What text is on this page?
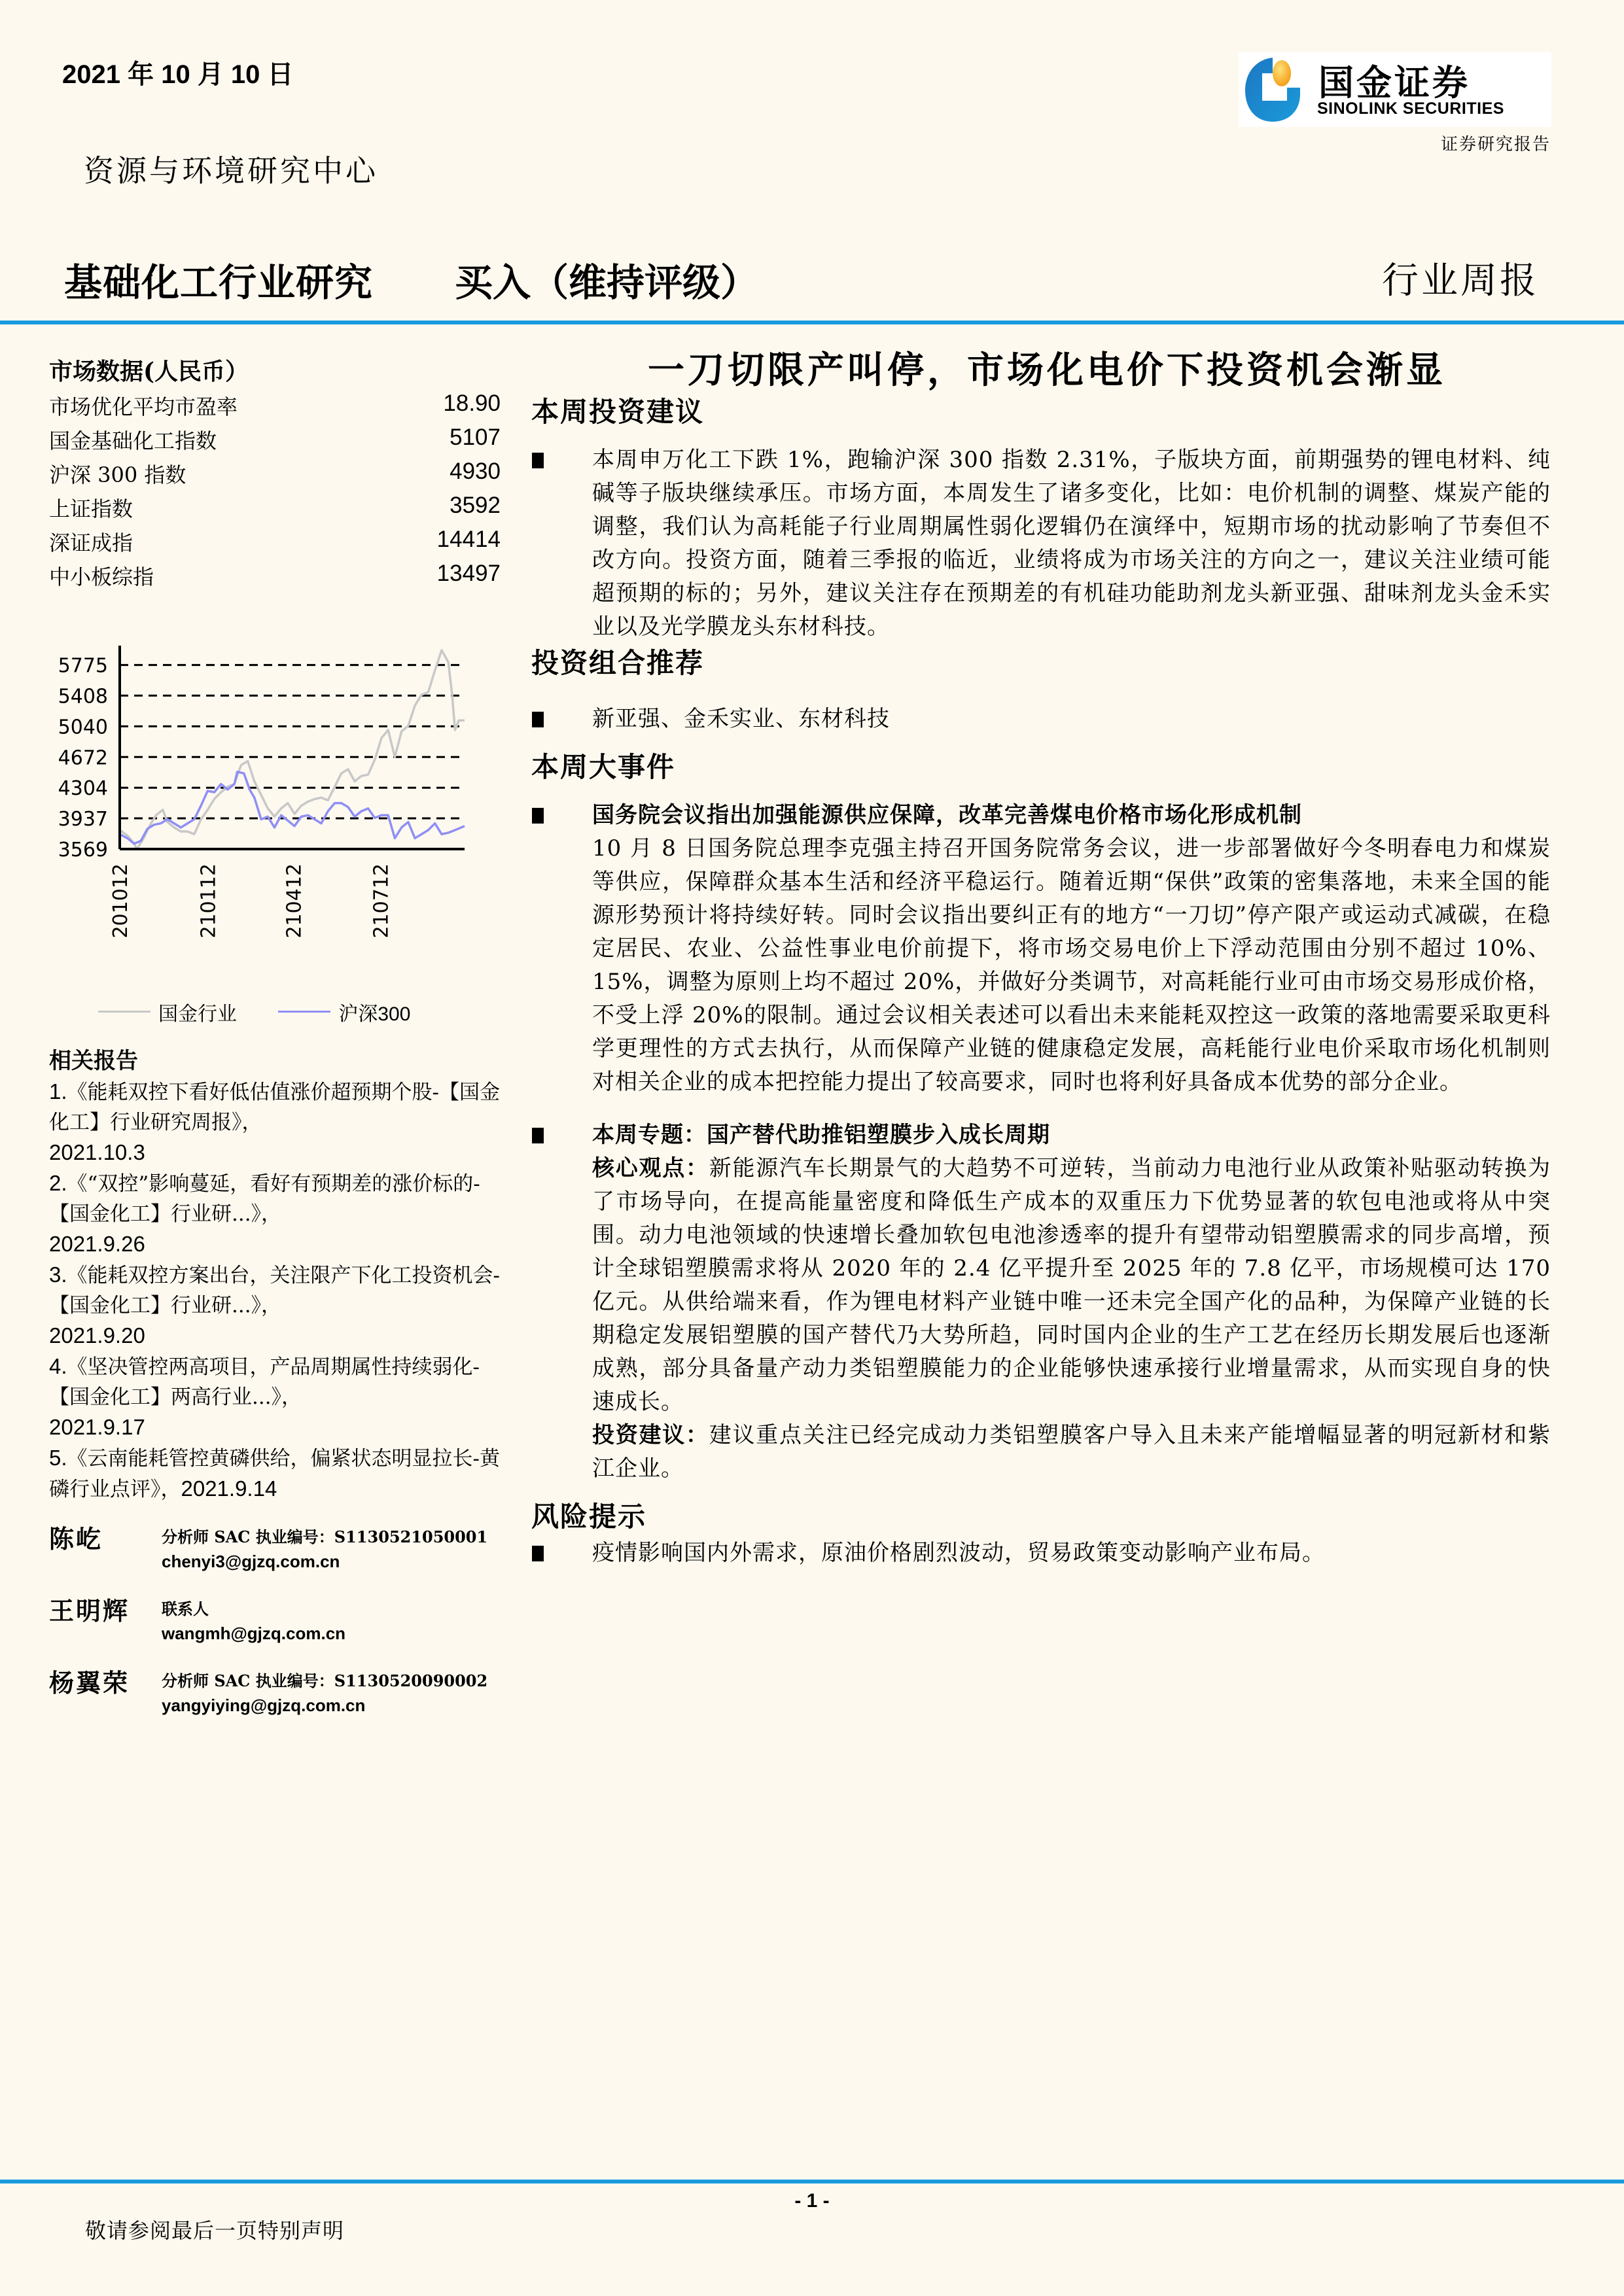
2021 年 10 月 10 日
资源与环境研究中心
基础化工行业研究 买入（维持评级）	行业周报
国金证券
SINOLINK SECURITIES
证券研究报告
市场数据(人民币）
市场优化平均市盈率	18.90
国金基础化工指数	5107
沪深 300 指数	4930
上证指数	3592
深证成指	14414
中小板综指	13497
3569
3937
4304
4672
5040
5408
5775
201012	210112	210412	210712
国金行业
	沪深300
相关报告

1.《能耗双控下看好低估值涨价超预期个股-【国金化工】行业研究周报》，
2021.10.3

2.《“双控”影响蔓延，看好有预期差的涨价标的-【国金化工】行业研...》，
2021.9.26

3.《能耗双控方案出台，关注限产下化工投资机会-【国金化工】行业研...》，
2021.9.20

4.《坚决管控两高项目，产品周期属性持续弱化-【国金化工】两高行业...》，
2021.9.17

5.《云南能耗管控黄磷供给，偏紧状态明显拉长-黄磷行业点评》，2021.9.14

陈屹	分析师 SAC 执业编号：S1130521050001
chenyi3@gjzq.com.cn
王明辉 联系人
wangmh@gjzq.com.cn
杨翼荣 分析师 SAC 执业编号：S1130520090002
yangyiying@gjzq.com.cn
一刀切限产叫停，市场化电价下投资机会渐显
本周投资建议

本周申万化工下跌 1%，跑输沪深 300 指数 2.31%，子版块方面，前期强势的锂电材料、纯碱等子版块继续承压。市场方面，本周发生了诸多变化，比如：电价机制的调整、煤炭产能的调整，我们认为高耗能子行业周期属性弱化逻辑仍在演绎中，短期市场的扰动影响了节奏但不改方向。投资方面，随着三季报的临近，业绩将成为市场关注的方向之一，建议关注业绩可能超预期的标的；另外，建议关注存在预期差的有机硅功能助剂龙头新亚强、甜味剂龙头金禾实业以及光学膜龙头东材科技。

投资组合推荐

新亚强、金禾实业、东材科技

本周大事件

国务院会议指出加强能源供应保障，改革完善煤电价格市场化形成机制

10 月 8 日国务院总理李克强主持召开国务院常务会议，进一步部署做好今冬明春电力和煤炭等供应，保障群众基本生活和经济平稳运行。随着近期“保供”政策的密集落地，未来全国的能源形势预计将持续好转。同时会议指出要纠正有的地方“一刀切”停产限产或运动式减碳，在稳定居民、农业、公益性事业电价前提下，将市场交易电价上下浮动范围由分别不超过 10%、15%，调整为原则上均不超过 20%，并做好分类调节，对高耗能行业可由市场交易形成价格，不受上浮 20%的限制。通过会议相关表述可以看出未来能耗双控这一政策的落地需要采取更科学更理性的方式去执行，从而保障产业链的健康稳定发展，高耗能行业电价采取市场化机制则对相关企业的成本把控能力提出了较高要求，同时也将利好具备成本优势的部分企业。

本周专题：国产替代助推铝塑膜步入成长周期

核心观点：新能源汽车长期景气的大趋势不可逆转，当前动力电池行业从政策补贴驱动转换为了市场导向，在提高能量密度和降低生产成本的双重压力下优势显著的软包电池或将从中突围。动力电池领域的快速增长叠加软包电池渗透率的提升有望带动铝塑膜需求的同步高增，预计全球铝塑膜需求将从 2020 年的 2.4 亿平提升至 2025 年的 7.8 亿平，市场规模可达 170 亿元。从供给端来看，作为锂电材料产业链中唯一还未完全国产化的品种，为保障产业链的长期稳定发展铝塑膜的国产替代乃大势所趋，同时国内企业的生产工艺在经历长期发展后也逐渐成熟，部分具备量产动力类铝塑膜能力的企业能够快速承接行业增量需求，从而实现自身的快速成长。

投资建议：建议重点关注已经完成动力类铝塑膜客户导入且未来产能增幅显著的明冠新材和紫江企业。

风险提示

疫情影响国内外需求，原油价格剧烈波动，贸易政策变动影响产业布局。

- 1 -
敬请参阅最后一页特别声明
